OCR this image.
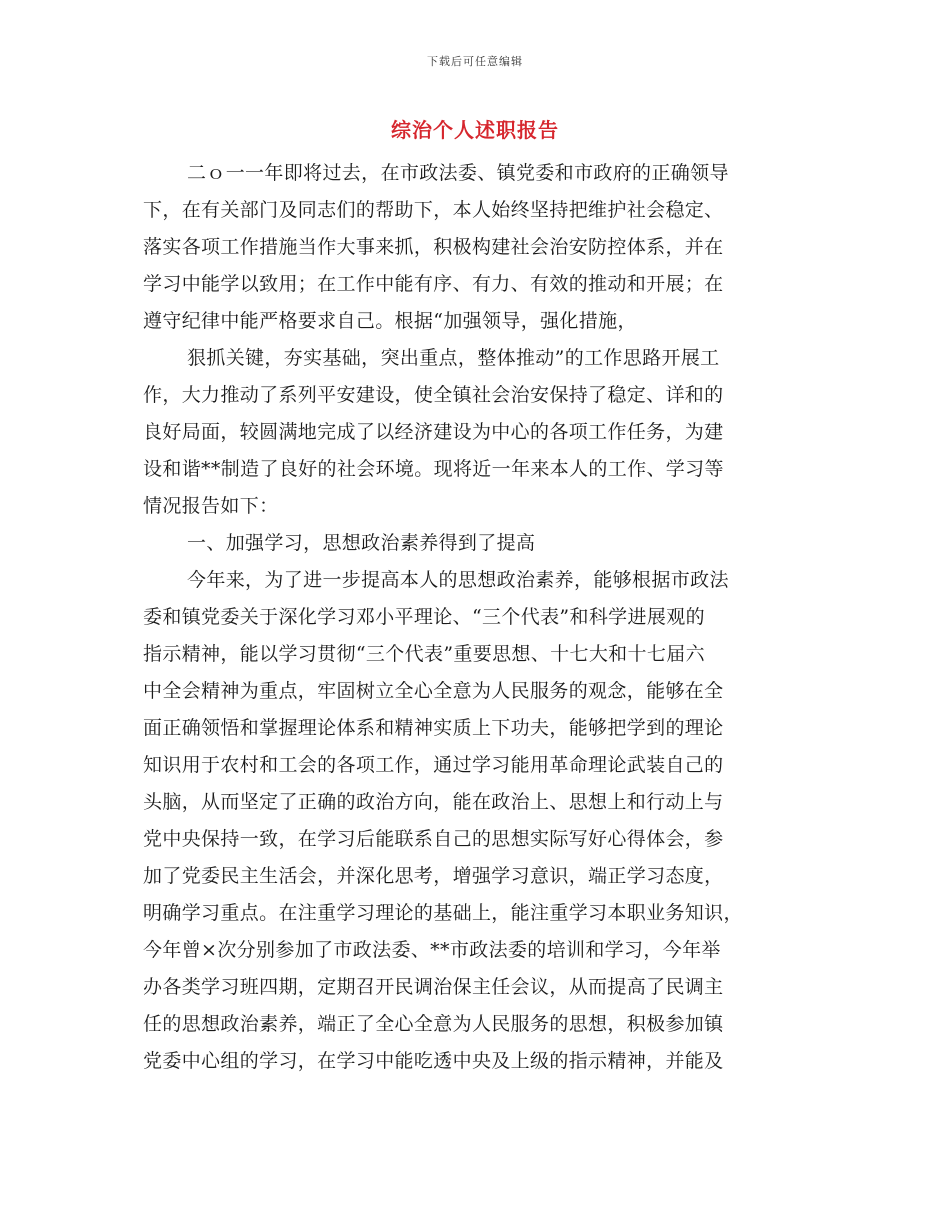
下载后可任意编辑
综治个人述职报告
二ｏ一一年即将过去，在市政法委、镇党委和市政府的正确领导
下，在有关部门及同志们的帮助下，本人始终坚持把维护社会稳定、
落实各项工作措施当作大事来抓，积极构建社会治安防控体系，并在
学习中能学以致用；在工作中能有序、有力、有效的推动和开展；在
遵守纪律中能严格要求自己。根据“加强领导，强化措施，
狠抓关键，夯实基础，突出重点，整体推动”的工作思路开展工
作，大力推动了系列平安建设，使全镇社会治安保持了稳定、详和的
良好局面，较圆满地完成了以经济建设为中心的各项工作任务，为建
设和谐**制造了良好的社会环境。现将近一年来本人的工作、学习等
情况报告如下：
一、加强学习，思想政治素养得到了提高
今年来，为了进一步提高本人的思想政治素养，能够根据市政法
委和镇党委关于深化学习邓小平理论、“三个代表”和科学进展观的
指示精神，能以学习贯彻“三个代表”重要思想、十七大和十七届六
中全会精神为重点，牢固树立全心全意为人民服务的观念，能够在全
面正确领悟和掌握理论体系和精神实质上下功夫，能够把学到的理论
知识用于农村和工会的各项工作，通过学习能用革命理论武装自己的
头脑，从而坚定了正确的政治方向，能在政治上、思想上和行动上与
党中央保持一致，在学习后能联系自己的思想实际写好心得体会，参
加了党委民主生活会，并深化思考，增强学习意识，端正学习态度，
明确学习重点。在注重学习理论的基础上，能注重学习本职业务知识，
今年曾×次分别参加了市政法委、**市政法委的培训和学习，今年举
办各类学习班四期，定期召开民调治保主任会议，从而提高了民调主
任的思想政治素养，端正了全心全意为人民服务的思想，积极参加镇
党委中心组的学习，在学习中能吃透中央及上级的指示精神，并能及
